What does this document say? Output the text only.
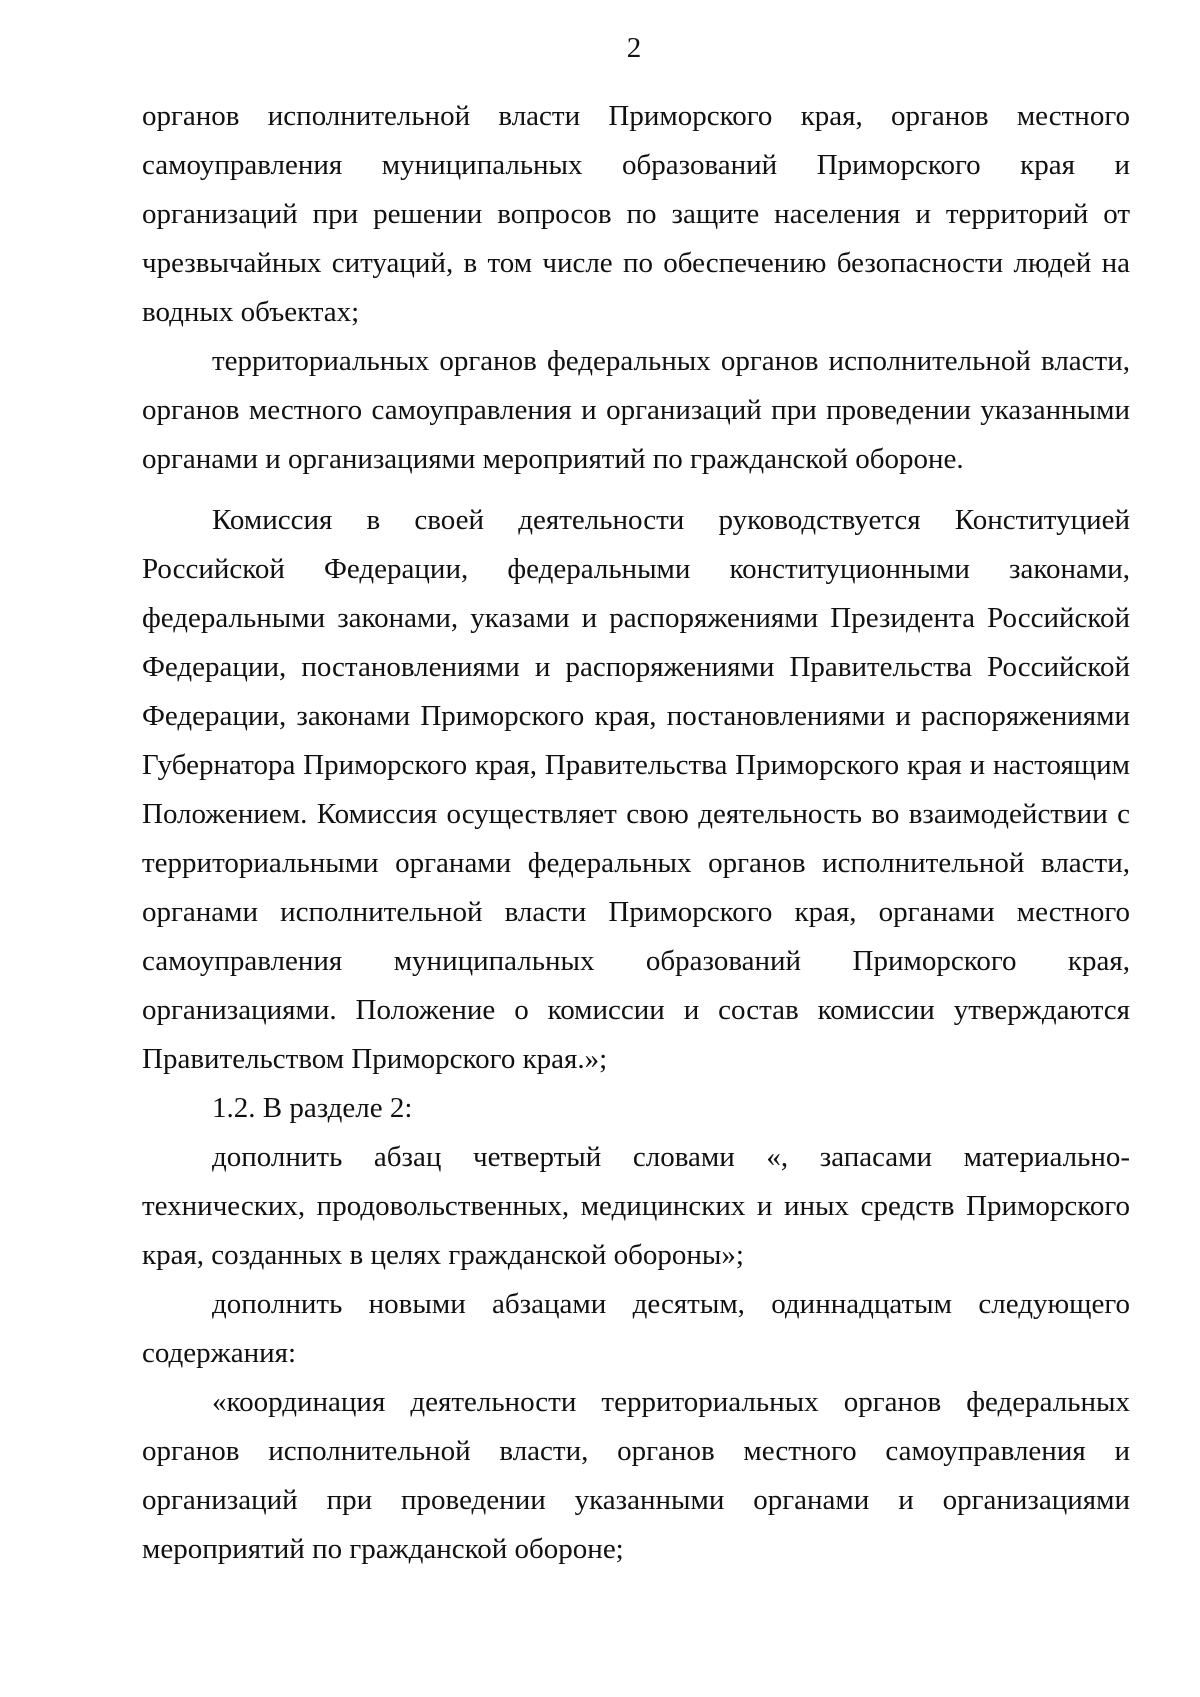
2

органов исполнительной власти Приморского края, органов местного самоуправления муниципальных образований Приморского края и организаций при решении вопросов по защите населения и территорий от чрезвычайных ситуаций, в том числе по обеспечению безопасности людей на водных объектах;

территориальных органов федеральных органов исполнительной власти, органов местного самоуправления и организаций при проведении указанными органами и организациями мероприятий по гражданской обороне.

Комиссия в своей деятельности руководствуется Конституцией Российской Федерации, федеральными конституционными законами, федеральными законами, указами и распоряжениями Президента Российской Федерации, постановлениями и распоряжениями Правительства Российской Федерации, законами Приморского края, постановлениями и распоряжениями Губернатора Приморского края, Правительства Приморского края и настоящим Положением. Комиссия осуществляет свою деятельность во взаимодействии с территориальными органами федеральных органов исполнительной власти, органами исполнительной власти Приморского края, органами местного самоуправления муниципальных образований Приморского края, организациями. Положение о комиссии и состав комиссии утверждаются Правительством Приморского края.»;

1.2. В разделе 2:

дополнить абзац четвертый словами «, запасами материально-технических, продовольственных, медицинских и иных средств Приморского края, созданных в целях гражданской обороны»;

дополнить новыми абзацами десятым, одиннадцатым следующего содержания:

«координация деятельности территориальных органов федеральных органов исполнительной власти, органов местного самоуправления и организаций при проведении указанными органами и организациями мероприятий по гражданской обороне;
